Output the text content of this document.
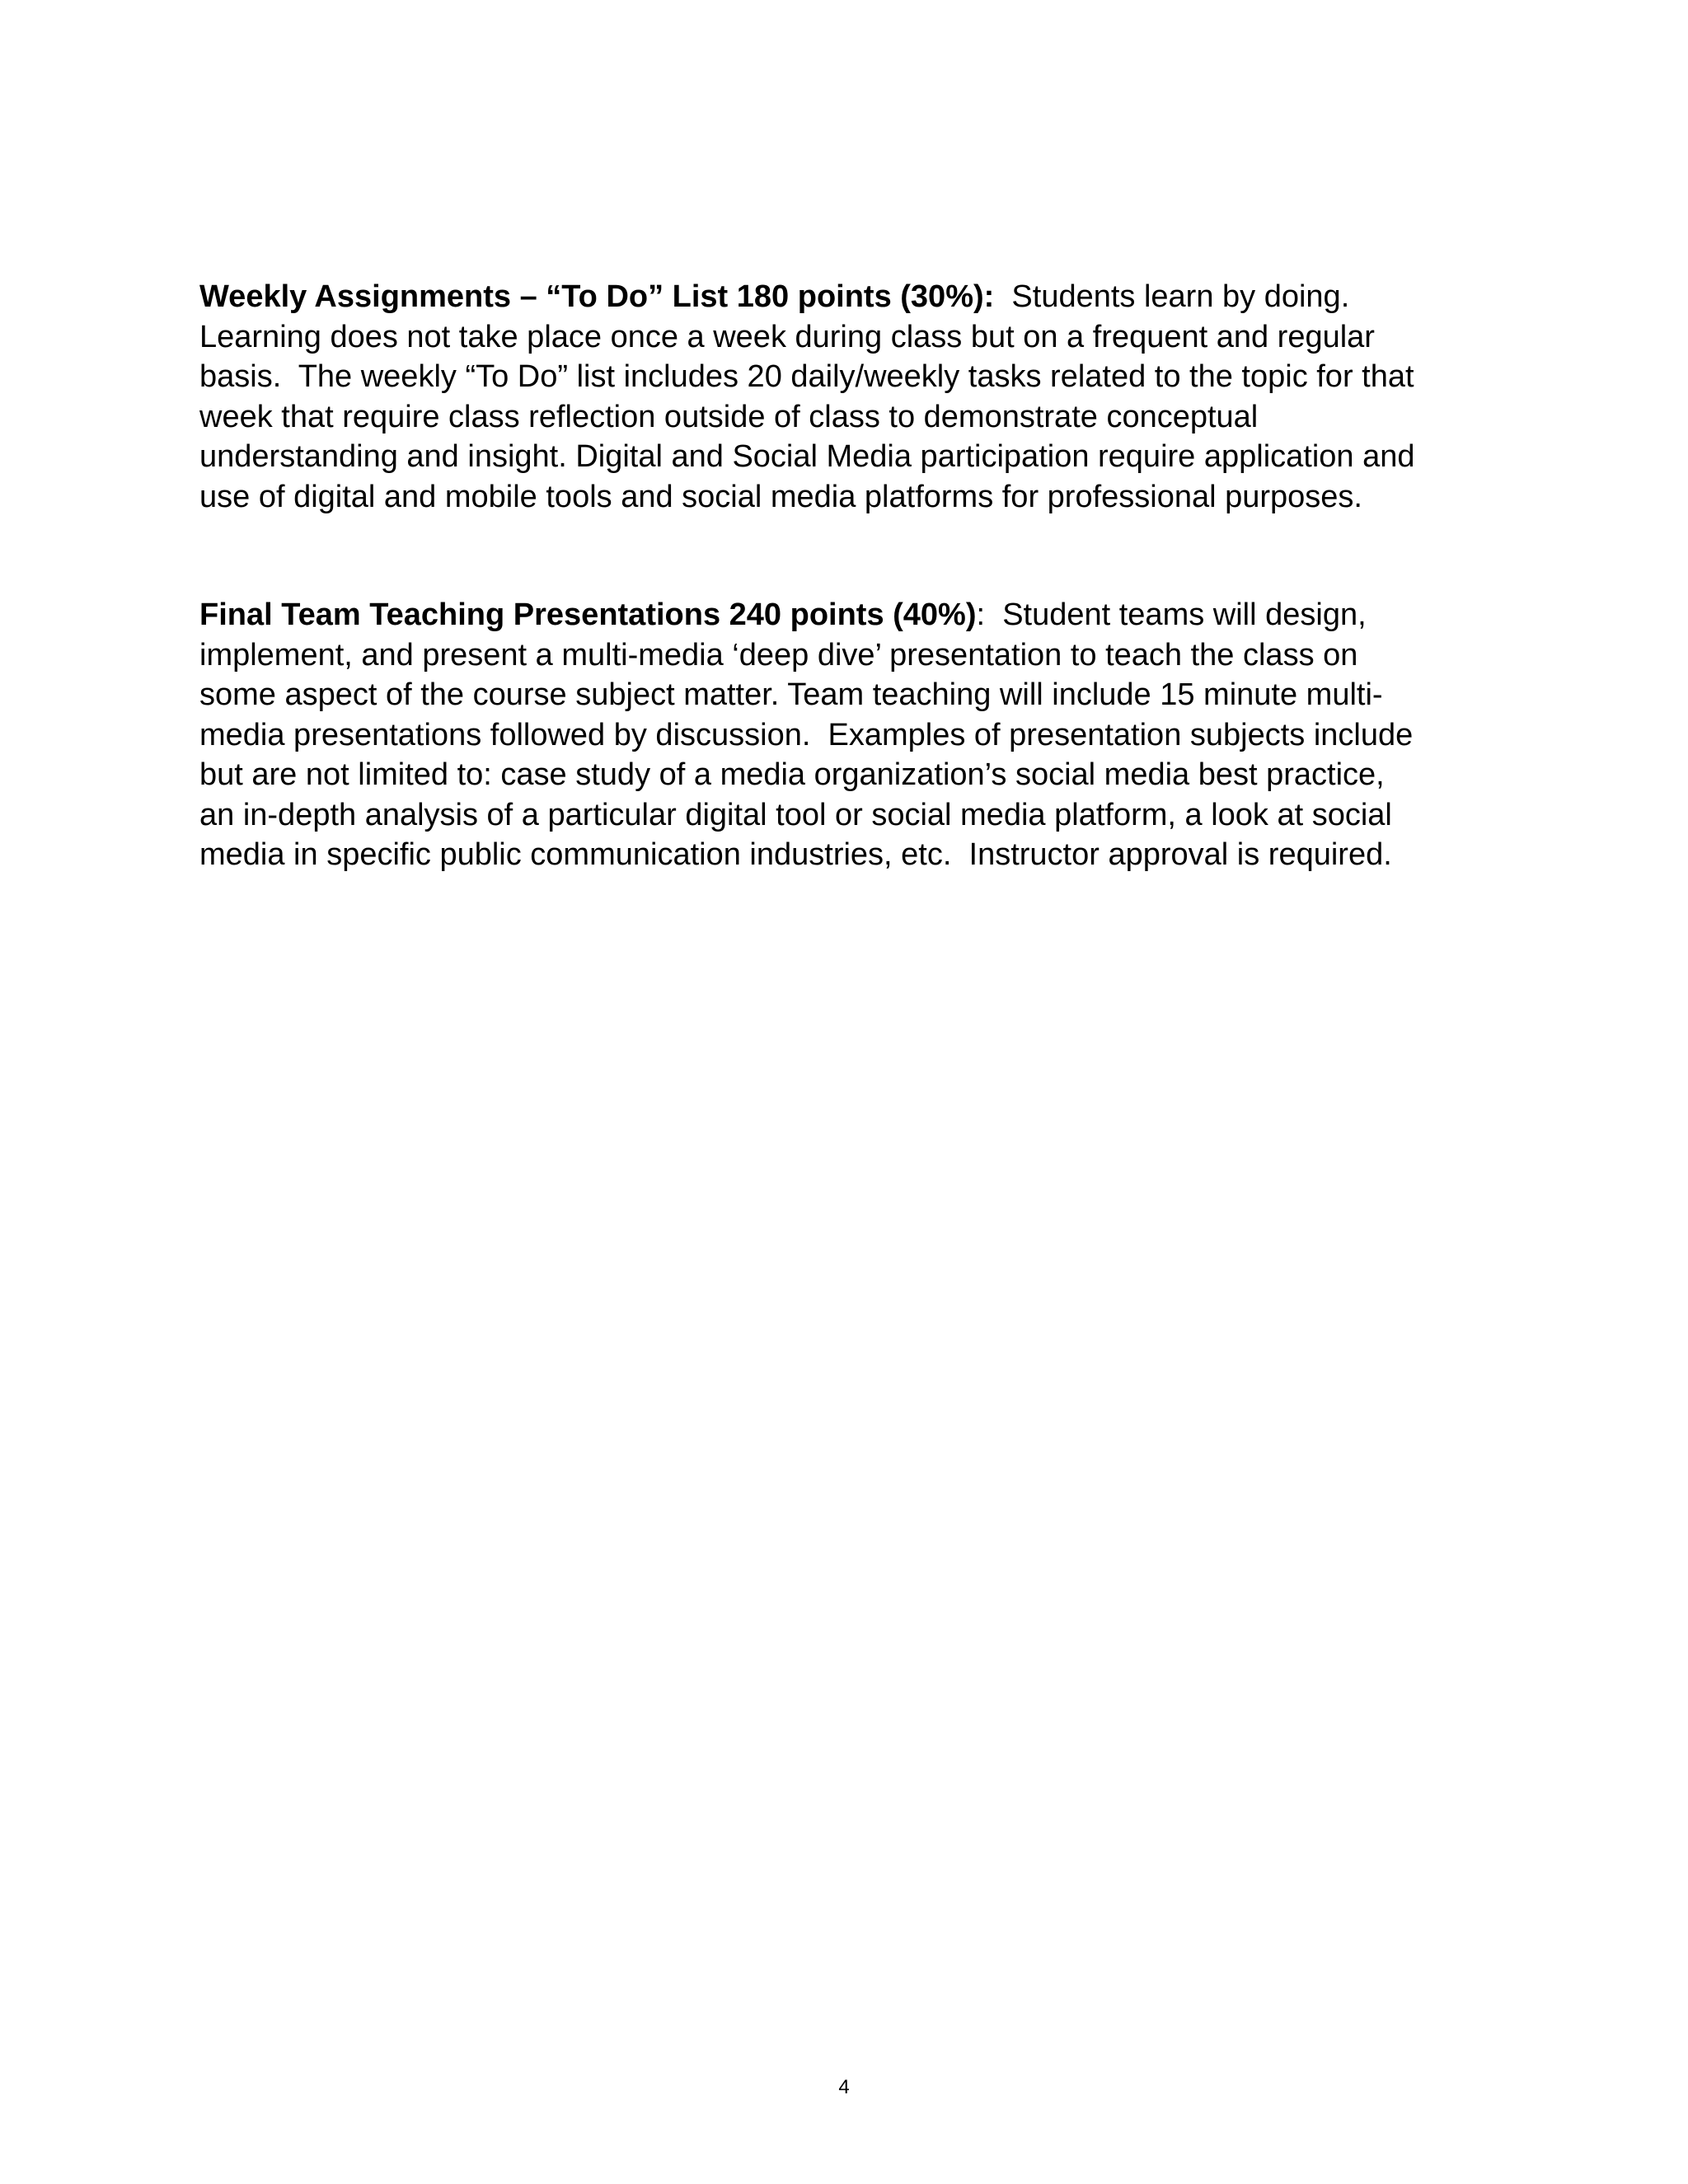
Weekly Assignments – “To Do” List 180 points (30%):  Students learn by doing.
Learning does not take place once a week during class but on a frequent and regular
basis.  The weekly “To Do” list includes 20 daily/weekly tasks related to the topic for that
week that require class reflection outside of class to demonstrate conceptual
understanding and insight. Digital and Social Media participation require application and
use of digital and mobile tools and social media platforms for professional purposes.

Final Team Teaching Presentations 240 points (40%):  Student teams will design,
implement, and present a multi-media ‘deep dive’ presentation to teach the class on
some aspect of the course subject matter. Team teaching will include 15 minute multi-
media presentations followed by discussion.  Examples of presentation subjects include
but are not limited to: case study of a media organization’s social media best practice,
an in-depth analysis of a particular digital tool or social media platform, a look at social
media in specific public communication industries, etc.  Instructor approval is required.

4
